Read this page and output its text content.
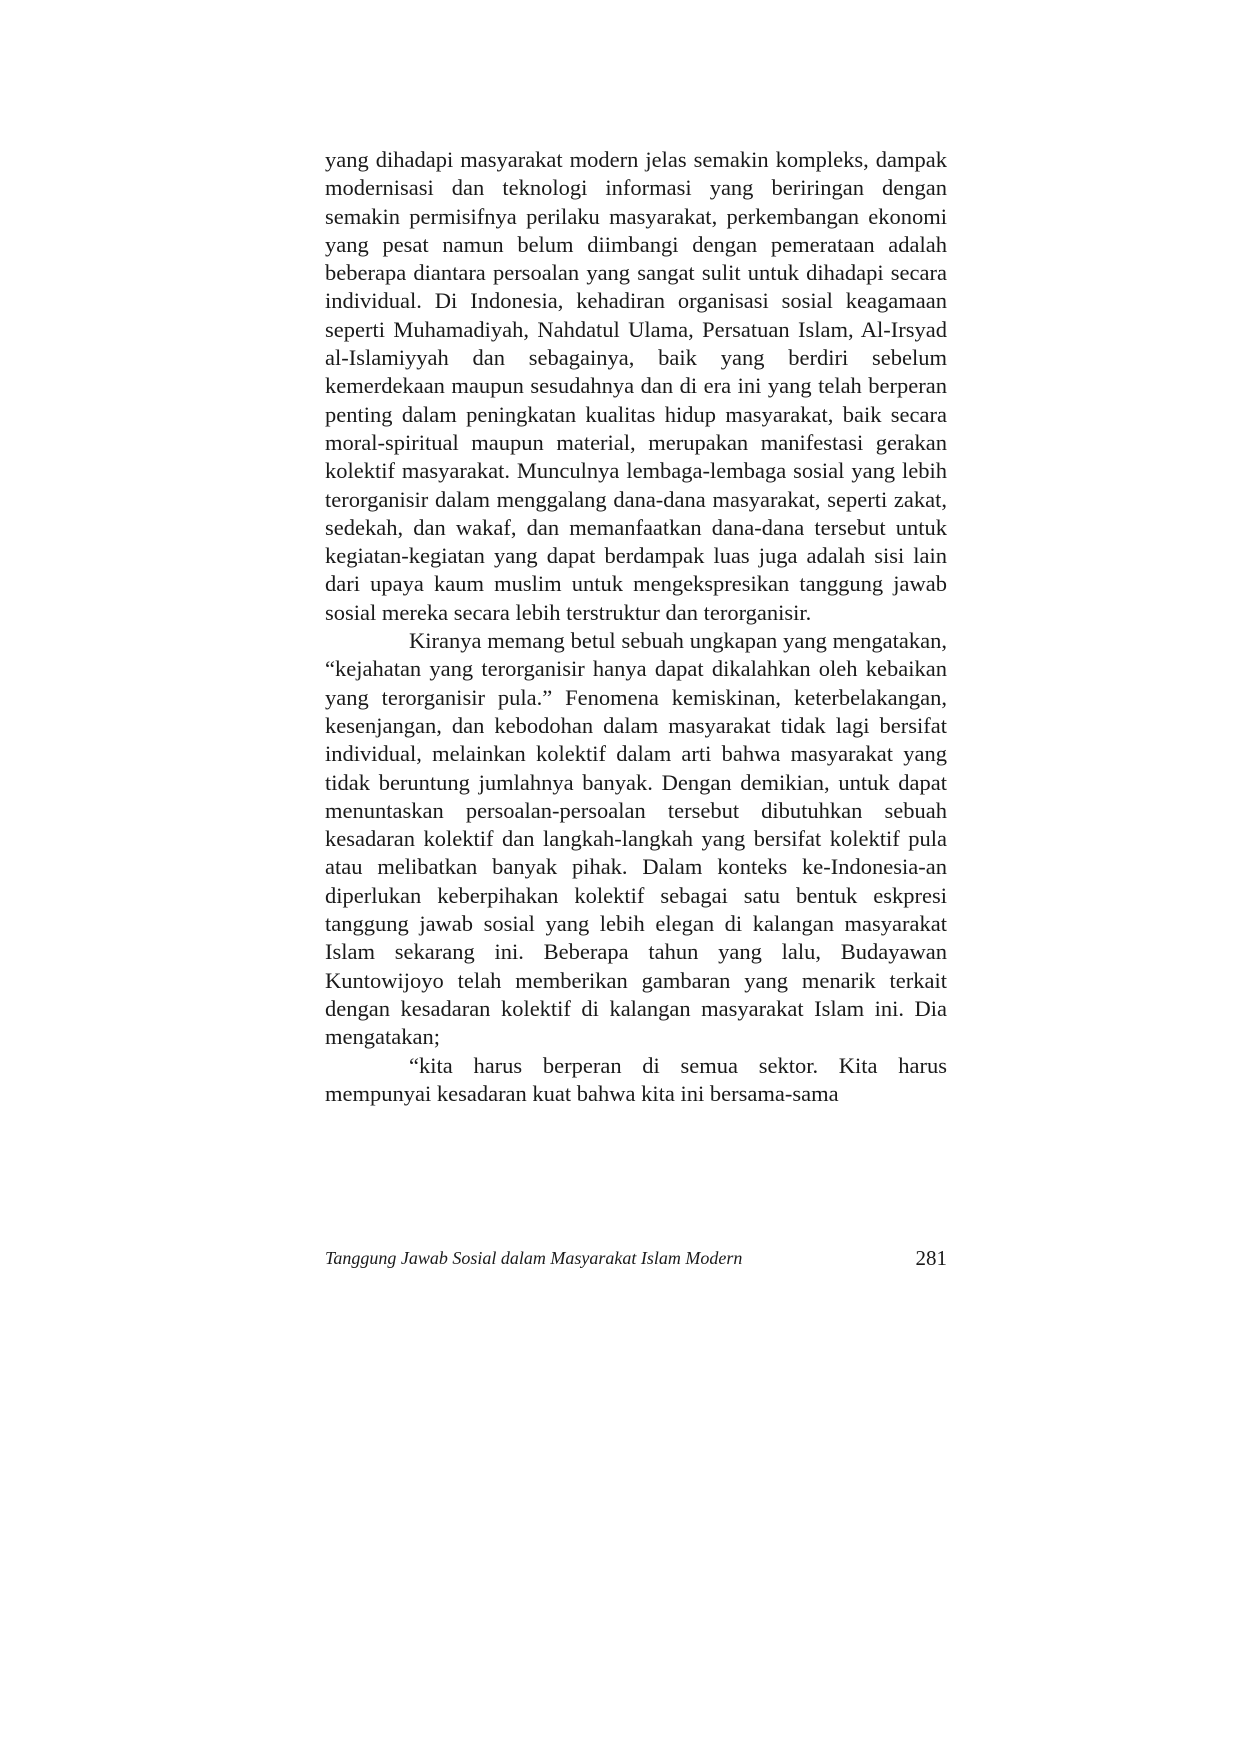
yang dihadapi masyarakat modern jelas semakin kompleks, dampak modernisasi dan teknologi informasi yang beriringan dengan semakin permisifnya perilaku masyarakat, perkembangan ekonomi yang pesat namun belum diimbangi dengan pemerataan adalah beberapa diantara persoalan yang sangat sulit untuk dihadapi secara individual. Di Indonesia, kehadiran organisasi sosial keagamaan seperti Muhamadiyah, Nahdatul Ulama, Persatuan Islam, Al-Irsyad al-Islamiyyah dan sebagainya, baik yang berdiri sebelum kemerdekaan maupun sesudahnya dan di era ini yang telah berperan penting dalam peningkatan kualitas hidup masyarakat, baik secara moral-spiritual maupun material, merupakan manifestasi gerakan kolektif masyarakat. Munculnya lembaga-lembaga sosial yang lebih terorganisir dalam menggalang dana-dana masyarakat, seperti zakat, sedekah, dan wakaf, dan memanfaatkan dana-dana tersebut untuk kegiatan-kegiatan yang dapat berdampak luas juga adalah sisi lain dari upaya kaum muslim untuk mengekspresikan tanggung jawab sosial mereka secara lebih terstruktur dan terorganisir.

Kiranya memang betul sebuah ungkapan yang mengatakan, “kejahatan yang terorganisir hanya dapat dikalahkan oleh kebaikan yang terorganisir pula.” Fenomena kemiskinan, keterbelakangan, kesenjangan, dan kebodohan dalam masyarakat tidak lagi bersifat individual, melainkan kolektif dalam arti bahwa masyarakat yang tidak beruntung jumlahnya banyak. Dengan demikian, untuk dapat menuntaskan persoalan-persoalan tersebut dibutuhkan sebuah kesadaran kolektif dan langkah-langkah yang bersifat kolektif pula atau melibatkan banyak pihak. Dalam konteks ke-Indonesia-an diperlukan keberpihakan kolektif sebagai satu bentuk eskpresi tanggung jawab sosial yang lebih elegan di kalangan masyarakat Islam sekarang ini. Beberapa tahun yang lalu, Budayawan Kuntowijoyo telah memberikan gambaran yang menarik terkait dengan kesadaran kolektif di kalangan masyarakat Islam ini. Dia mengatakan;

“kita harus berperan di semua sektor. Kita harus mempunyai kesadaran kuat bahwa kita ini bersama-sama

Tanggung Jawab Sosial dalam Masyarakat Islam Modern	281
